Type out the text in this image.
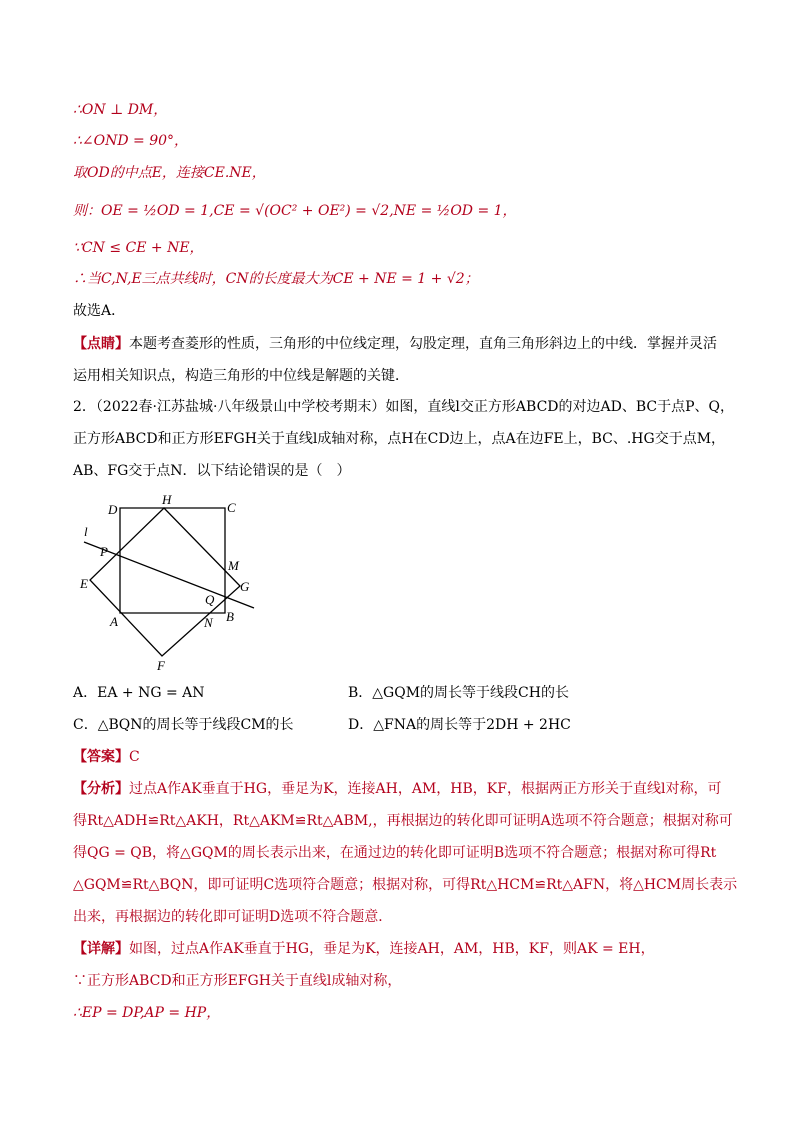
∴ON ⊥ DM，
∴∠OND = 90°，
取OD的中点E，连接CE.NE，
则：OE = ½OD = 1,CE = √(OC² + OE²) = √2,NE = ½OD = 1，
∵CN ≤ CE + NE，
∴当C,N,E三点共线时，CN的长度最大为CE + NE = 1 + √2；
故选A．
【点睛】本题考查菱形的性质，三角形的中位线定理，勾股定理，直角三角形斜边上的中线．掌握并灵活
运用相关知识点，构造三角形的中位线是解题的关键．
2．（2022春·江苏盐城·八年级景山中学校考期末）如图，直线l交正方形ABCD的对边AD、BC于点P、Q，
正方形ABCD和正方形EFGH关于直线l成轴对称，点H在CD边上，点A在边FE上，BC、.HG交于点M，
AB、FG交于点N．以下结论错误的是（　）
D
H
C
l
P
M
E	G
Q
B
A	N
F
A．EA + NG = AN	B．△GQM的周长等于线段CH的长
C．△BQN的周长等于线段CM的长	D．△FNA的周长等于2DH + 2HC
【答案】C
【分析】过点A作AK垂直于HG，垂足为K，连接AH，AM，HB，KF，根据两正方形关于直线l对称，可
得Rt△ADH≌Rt△AKH，Rt△AKM≌Rt△ABM,，再根据边的转化即可证明A选项不符合题意；根据对称可
得QG = QB，将△GQM的周长表示出来，在通过边的转化即可证明B选项不符合题意；根据对称可得Rt
△GQM≌Rt△BQN，即可证明C选项符合题意；根据对称，可得Rt△HCM≌Rt△AFN，将△HCM周长表示
出来，再根据边的转化即可证明D选项不符合题意．
【详解】如图，过点A作AK垂直于HG，垂足为K，连接AH，AM，HB，KF，则AK = EH，
∵正方形ABCD和正方形EFGH关于直线l成轴对称，
∴EP = DP,AP = HP，
